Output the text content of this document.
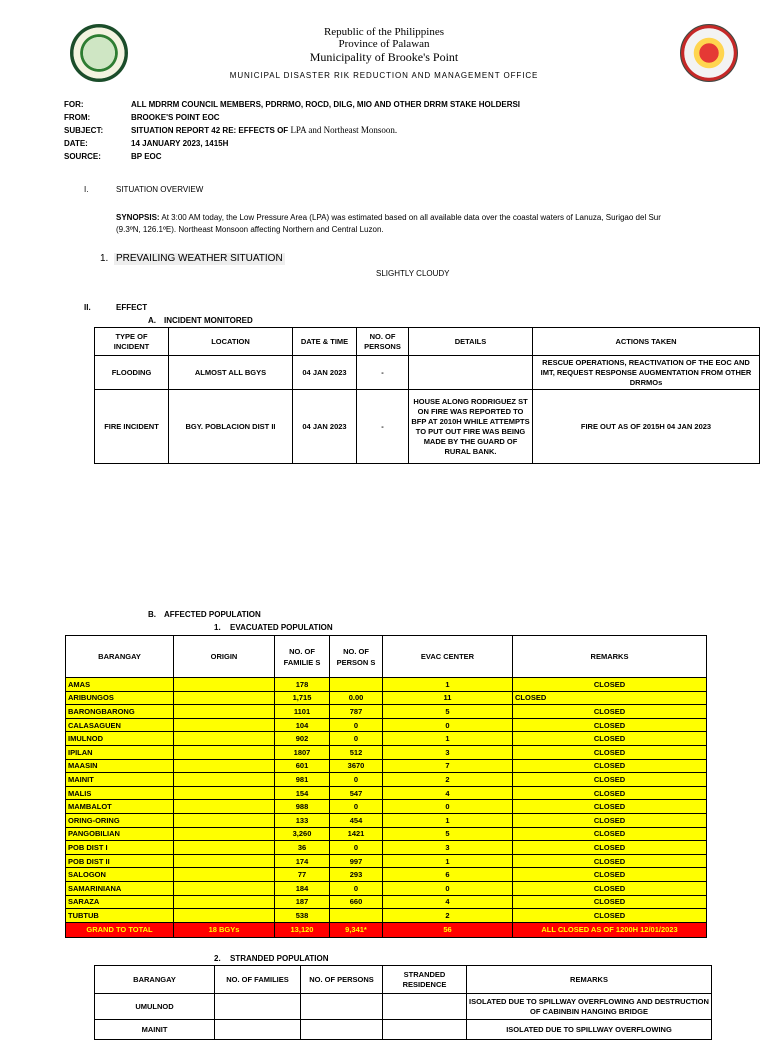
Republic of the Philippines
Province of Palawan
Municipality of Brooke's Point
MUNICIPAL DISASTER RIK REDUCTION AND MANAGEMENT OFFICE
FOR:	ALL MDRRM COUNCIL MEMBERS, PDRRMO, ROCD, DILG, MIO AND OTHER DRRM STAKE HOLDERSI
FROM:	BROOKE'S POINT EOC
SUBJECT:	SITUATION REPORT 42 RE: EFFECTS OF LPA and Northeast Monsoon.
DATE:	14 JANUARY 2023, 1415H
SOURCE:	BP EOC
I.	SITUATION OVERVIEW
SYNOPSIS: At 3:00 AM today, the Low Pressure Area (LPA) was estimated based on all available data over the coastal waters of Lanuza, Surigao del Sur
(9.3ºN, 126.1ºE). Northeast Monsoon affecting Northern and Central Luzon.
1. PREVAILING WEATHER SITUATION
SLIGHTLY CLOUDY
II.	EFFECT
A. INCIDENT MONITORED
TYPE OF INCIDENT	LOCATION	DATE & TIME	NO. OF PERSONS	DETAILS	ACTIONS TAKEN
FLOODING	ALMOST ALL BGYS	04 JAN 2023	-		RESCUE OPERATIONS, REACTIVATION OF THE EOC AND IMT, REQUEST RESPONSE AUGMENTATION FROM OTHER DRRMOs
FIRE INCIDENT	BGY. POBLACION DIST II	04 JAN 2023	-	HOUSE ALONG RODRIGUEZ ST ON FIRE WAS REPORTED TO BFP AT 2010H WHILE ATTEMPTS TO PUT OUT FIRE WAS BEING MADE BY THE GUARD OF RURAL BANK.	FIRE OUT AS OF 2015H 04 JAN 2023
B. AFFECTED POPULATION
1. EVACUATED POPULATION
BARANGAY	ORIGIN	NO. OF FAMILIE S	NO. OF PERSON S	EVAC CENTER	REMARKS
AMAS		178		1	CLOSED
ARIBUNGOS		1,715	0.00	11	CLOSED
BARONGBARONG		1101	787	5	CLOSED
CALASAGUEN		104	0	0	CLOSED
IMULNOD		902	0	1	CLOSED
IPILAN		1807	512	3	CLOSED
MAASIN		601	3670	7	CLOSED
MAINIT		981	0	2	CLOSED
MALIS		154	547	4	CLOSED
MAMBALOT		988	0	0	CLOSED
ORING-ORING		133	454	1	CLOSED
PANGOBILIAN		3,260	1421	5	CLOSED
POB DIST I		36	0	3	CLOSED
POB DIST II		174	997	1	CLOSED
SALOGON		77	293	6	CLOSED
SAMARINIANA		184	0	0	CLOSED
SARAZA		187	660	4	CLOSED
TUBTUB		538		2	CLOSED
GRAND TO TOTAL	18 BGYs	13,120	9,341*	56	ALL CLOSED AS OF 1200H 12/01/2023
2. STRANDED POPULATION
BARANGAY	NO. OF FAMILIES	NO. OF PERSONS	STRANDED RESIDENCE	REMARKS
UMULNOD				ISOLATED DUE TO SPILLWAY OVERFLOWING AND DESTRUCTION OF CABINBIN HANGING BRIDGE
MAINIT				ISOLATED DUE TO SPILLWAY OVERFLOWING
